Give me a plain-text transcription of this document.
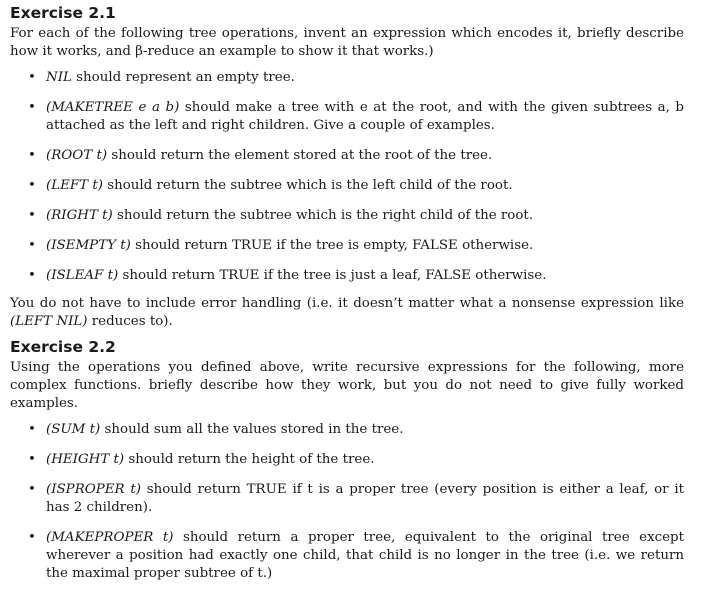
Exercise 2.1

For each of the following tree operations, invent an expression which encodes it, briefly describe how it works, and β-reduce an example to show it that works.)

• NIL should represent an empty tree.
• (MAKETREE e a b) should make a tree with e at the root, and with the given subtrees a, b attached as the left and right children. Give a couple of examples.
• (ROOT t) should return the element stored at the root of the tree.
• (LEFT t) should return the subtree which is the left child of the root.
• (RIGHT t) should return the subtree which is the right child of the root.
• (ISEMPTY t) should return TRUE if the tree is empty, FALSE otherwise.
• (ISLEAF t) should return TRUE if the tree is just a leaf, FALSE otherwise.

You do not have to include error handling (i.e. it doesn’t matter what a nonsense expression like (LEFT NIL) reduces to).

Exercise 2.2

Using the operations you defined above, write recursive expressions for the following, more complex functions. briefly describe how they work, but you do not need to give fully worked examples.

• (SUM t) should sum all the values stored in the tree.
• (HEIGHT t) should return the height of the tree.
• (ISPROPER t) should return TRUE if t is a proper tree (every position is either a leaf, or it has 2 children).
• (MAKEPROPER t) should return a proper tree, equivalent to the original tree except wherever a position had exactly one child, that child is no longer in the tree (i.e. we return the maximal proper subtree of t.)
